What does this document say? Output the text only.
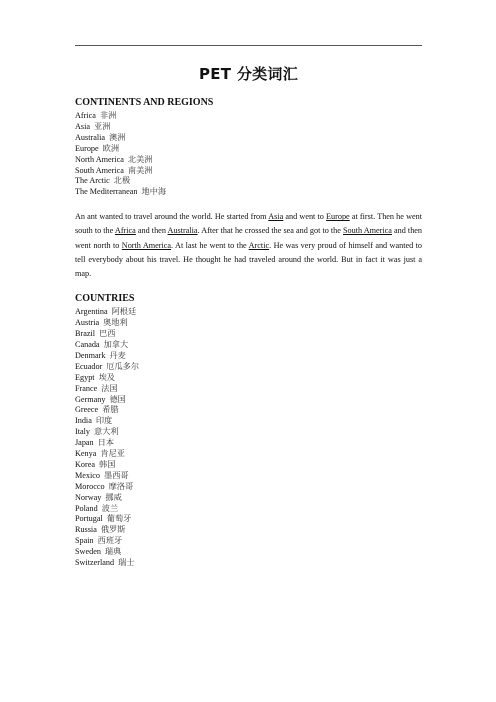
PET 分类词汇
CONTINENTS AND REGIONS
Africa 非洲
Asia 亚洲
Australia 澳洲
Europe 欧洲
North America 北美洲
South America 南美洲
The Arctic 北极
The Mediterranean 地中海

An ant wanted to travel around the world. He started from Asia and went to Europe at first. Then he went south to the Africa and then Australia. After that he crossed the sea and got to the South America and then went north to North America. At last he went to the Arctic. He was very proud of himself and wanted to tell everybody about his travel. He thought he had traveled around the world. But in fact it was just a map.

COUNTRIES
Argentina 阿根廷
Austria 奥地利
Brazil 巴西
Canada 加拿大
Denmark 丹麦
Ecuador 厄瓜多尔
Egypt 埃及
France 法国
Germany 德国
Greece 希腊
India 印度
Italy 意大利
Japan 日本
Kenya 肯尼亚
Korea 韩国
Mexico 墨西哥
Morocco 摩洛哥
Norway 挪威
Poland 波兰
Portugal 葡萄牙
Russia 俄罗斯
Spain 西班牙
Sweden 瑞典
Switzerland 瑞士
